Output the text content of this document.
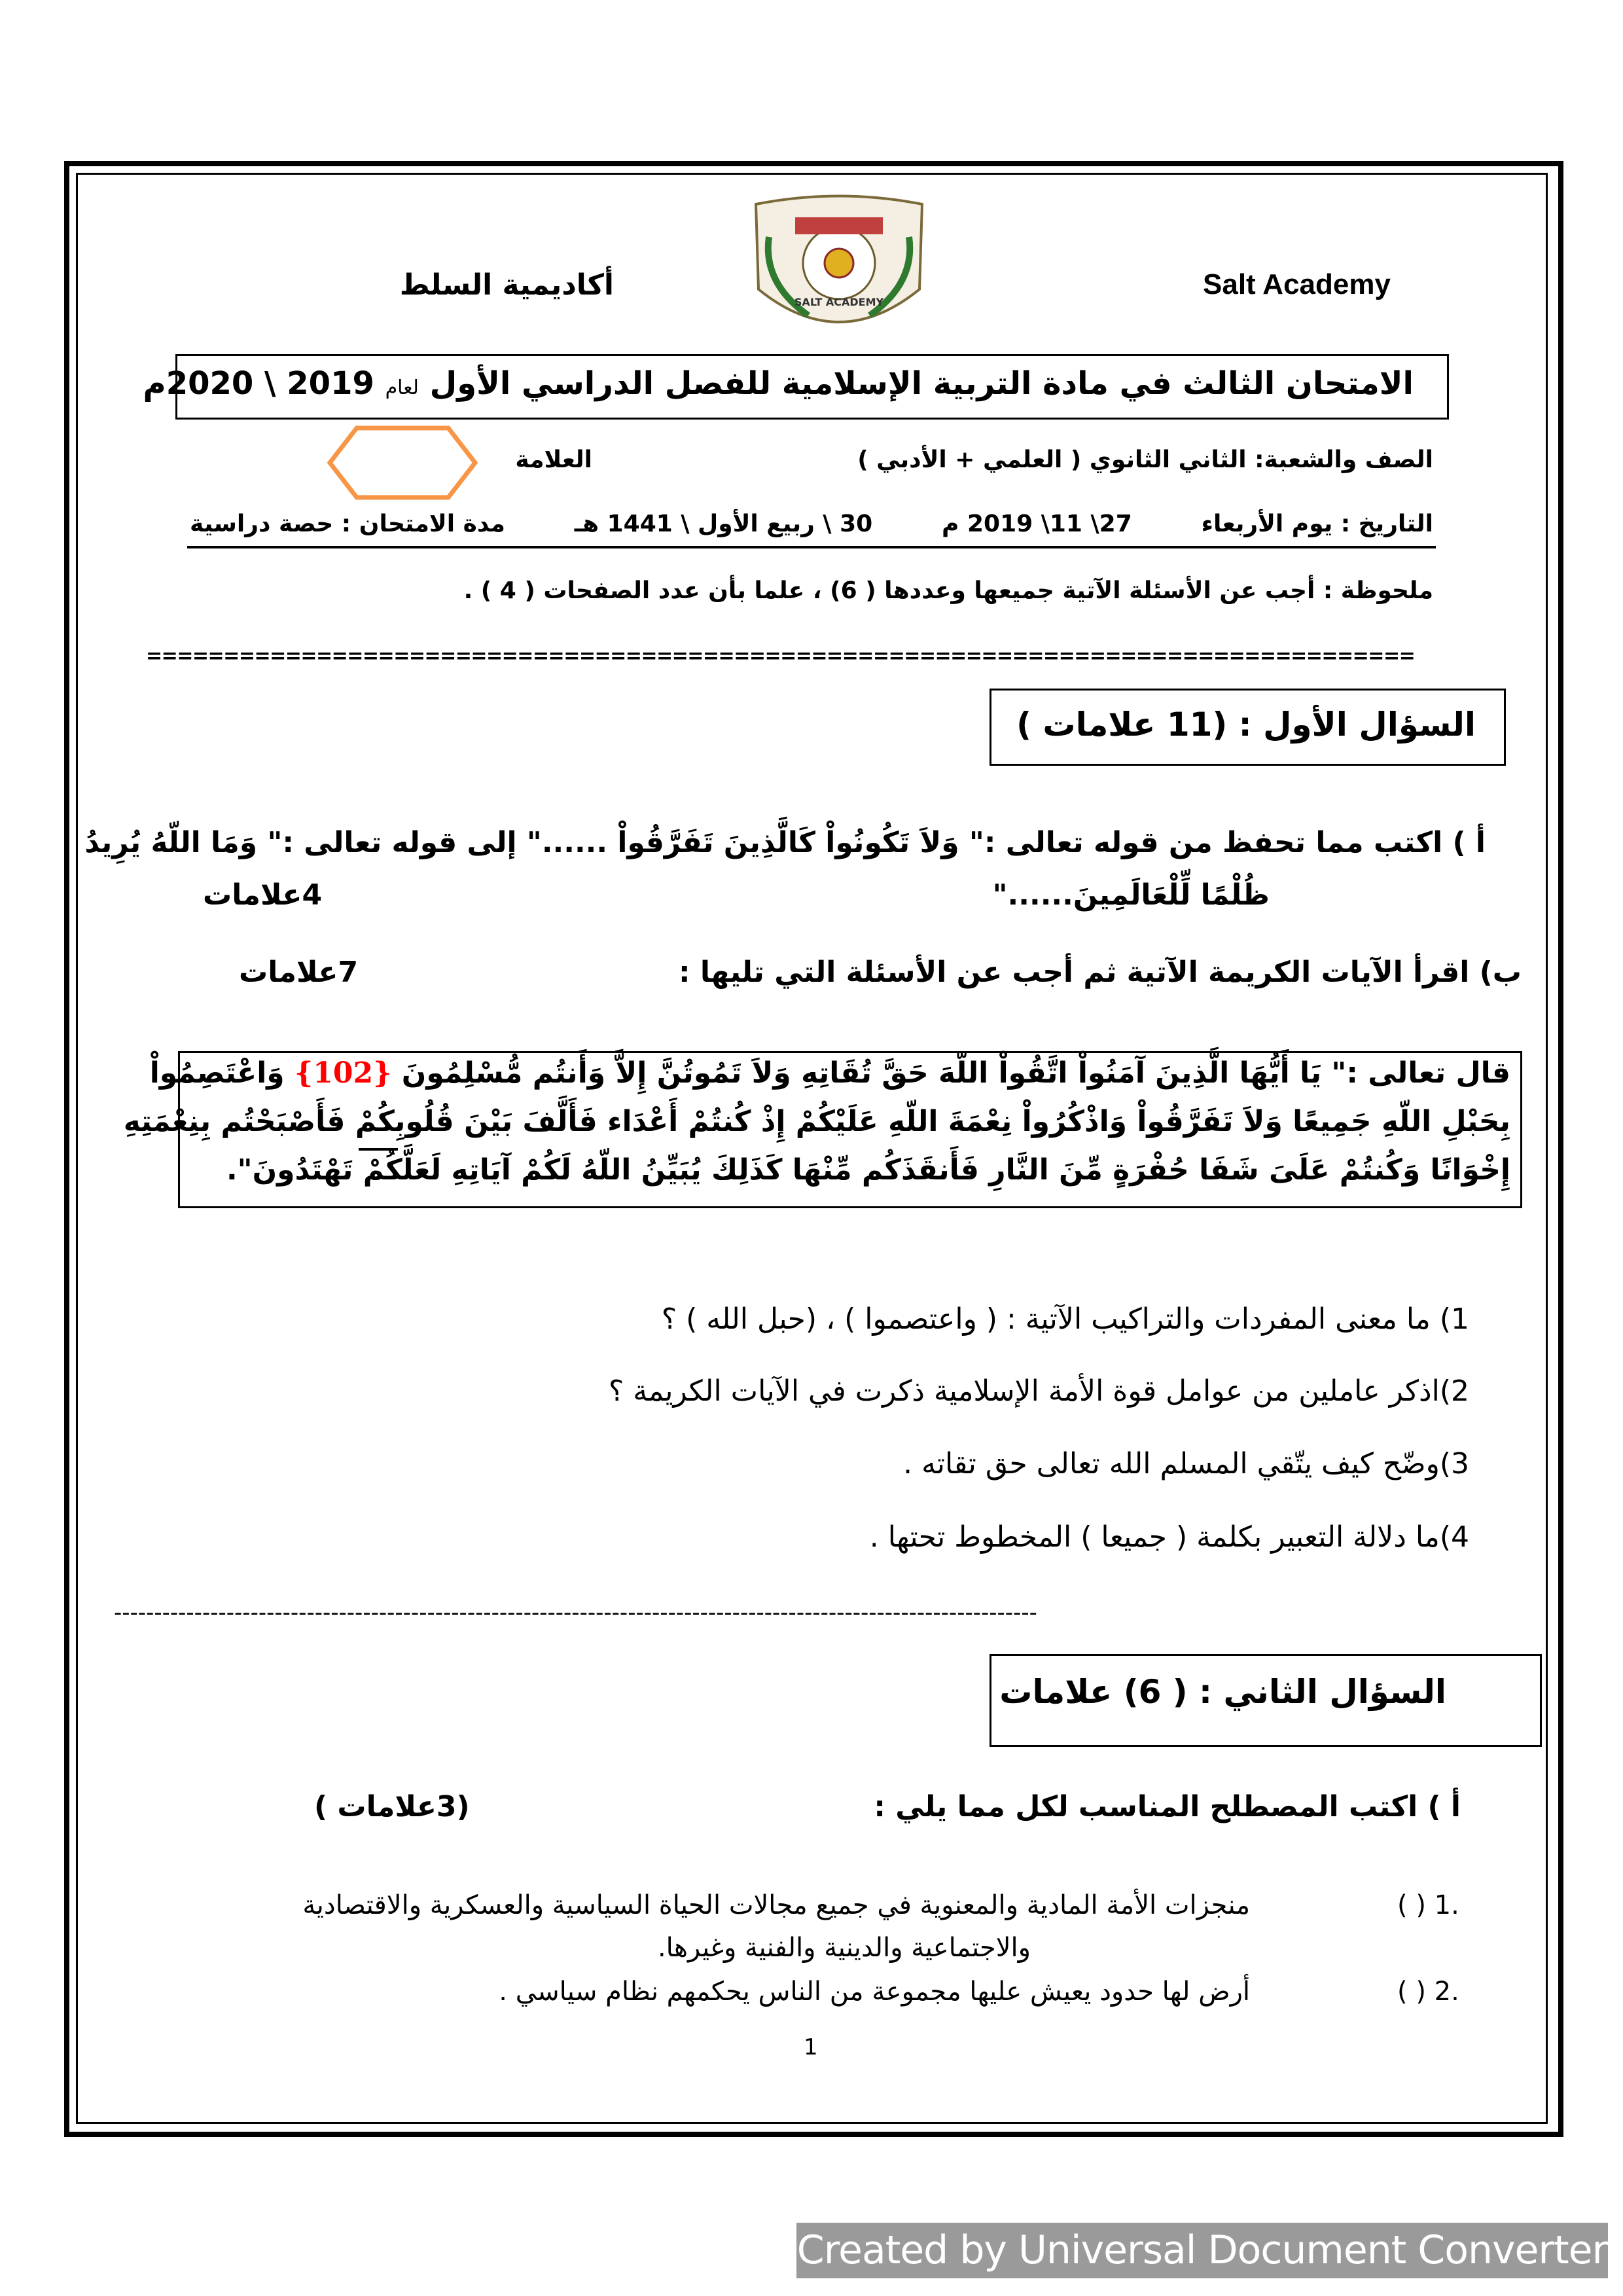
SALT ACADEMY
أكاديمية السلط	Salt Academy
الامتحان الثالث في مادة التربية الإسلامية للفصل الدراسي الأول لعام 2019 \ 2020م
الصف والشعبة: الثاني الثانوي ( العلمي + الأدبي )
العلامة
التاريخ : يوم الأربعاء
27\ 11\ 2019 م
30 \ ربيع الأول \ 1441 هـ
مدة الامتحان : حصة دراسية
ملحوظة : أجب عن الأسئلة الآتية جميعها وعددها ( 6) ، علما بأن عدد الصفحات ( 4 ) .
==================================================================================
السؤال الأول : (11 علامات )
أ ) اكتب مما تحفظ من قوله تعالى :" وَلاَ تَكُونُواْ كَالَّذِينَ تَفَرَّقُواْ ......" إلى قوله تعالى :" وَمَا اللّهُ يُرِيدُ
ظُلْمًا لِّلْعَالَمِينَ......"
4علامات
ب) اقرأ الآيات الكريمة الآتية ثم أجب عن الأسئلة التي تليها :
7علامات
قال تعالى :" يَا أَيُّهَا الَّذِينَ آمَنُواْ اتَّقُواْ اللّهَ حَقَّ تُقَاتِهِ وَلاَ تَمُوتُنَّ إِلاَّ وَأَنتُم مُّسْلِمُونَ {102} وَاعْتَصِمُواْ
بِحَبْلِ اللّهِ جَمِيعًا وَلاَ تَفَرَّقُواْ وَاذْكُرُواْ نِعْمَةَ اللّهِ عَلَيْكُمْ إِذْ كُنتُمْ أَعْدَاء فَأَلَّفَ بَيْنَ قُلُوبِكُمْ فَأَصْبَحْتُم بِنِعْمَتِهِ
إِخْوَانًا وَكُنتُمْ عَلَىَ شَفَا حُفْرَةٍ مِّنَ النَّارِ فَأَنقَذَكُم مِّنْهَا كَذَلِكَ يُبَيِّنُ اللّهُ لَكُمْ آيَاتِهِ لَعَلَّكُمْ تَهْتَدُونَ".
1) ما معنى المفردات والتراكيب الآتية : ( واعتصموا ) ، (حبل الله ) ؟
2)اذكر عاملين من عوامل قوة الأمة الإسلامية ذكرت في الآيات الكريمة ؟
3)وضّح كيف يتّقي المسلم الله تعالى حق تقاته .
4)ما دلالة التعبير بكلمة ( جميعا ) المخطوط تحتها .
-------------------------------------------------------------------------------------------------------------------
السؤال الثاني : ( 6) علامات
أ ) اكتب المصطلح المناسب لكل مما يلي :
(3علامات )
( ) 1.
منجزات الأمة المادية والمعنوية في جميع مجالات الحياة السياسية والعسكرية والاقتصادية
والاجتماعية والدينية والفنية وغيرها.
( ) 2.
أرض لها حدود يعيش عليها مجموعة من الناس يحكمهم نظام سياسي .
1
Created by Universal Document Converter
